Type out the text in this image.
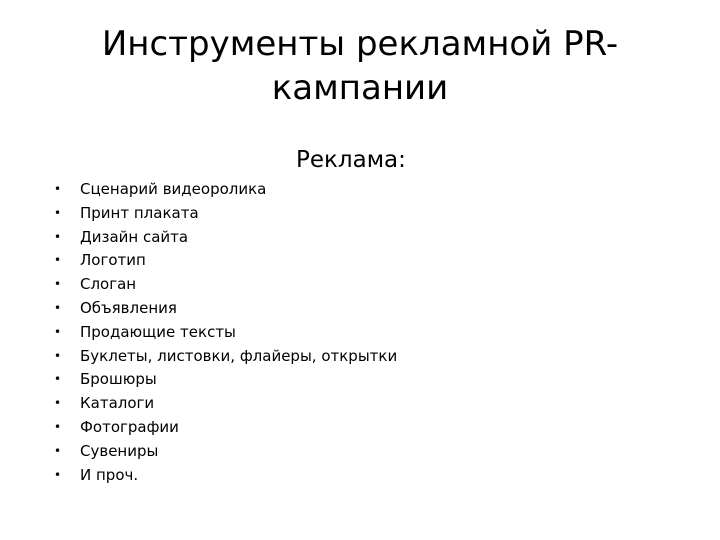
Инструменты рекламной PR-
кампании

Реклама:

• Сценарий видеоролика
• Принт плаката
• Дизайн сайта
• Логотип
• Слоган
• Объявления
• Продающие тексты
• Буклеты, листовки, флайеры, открытки
• Брошюры
• Каталоги
• Фотографии
• Сувениры
• И проч.
